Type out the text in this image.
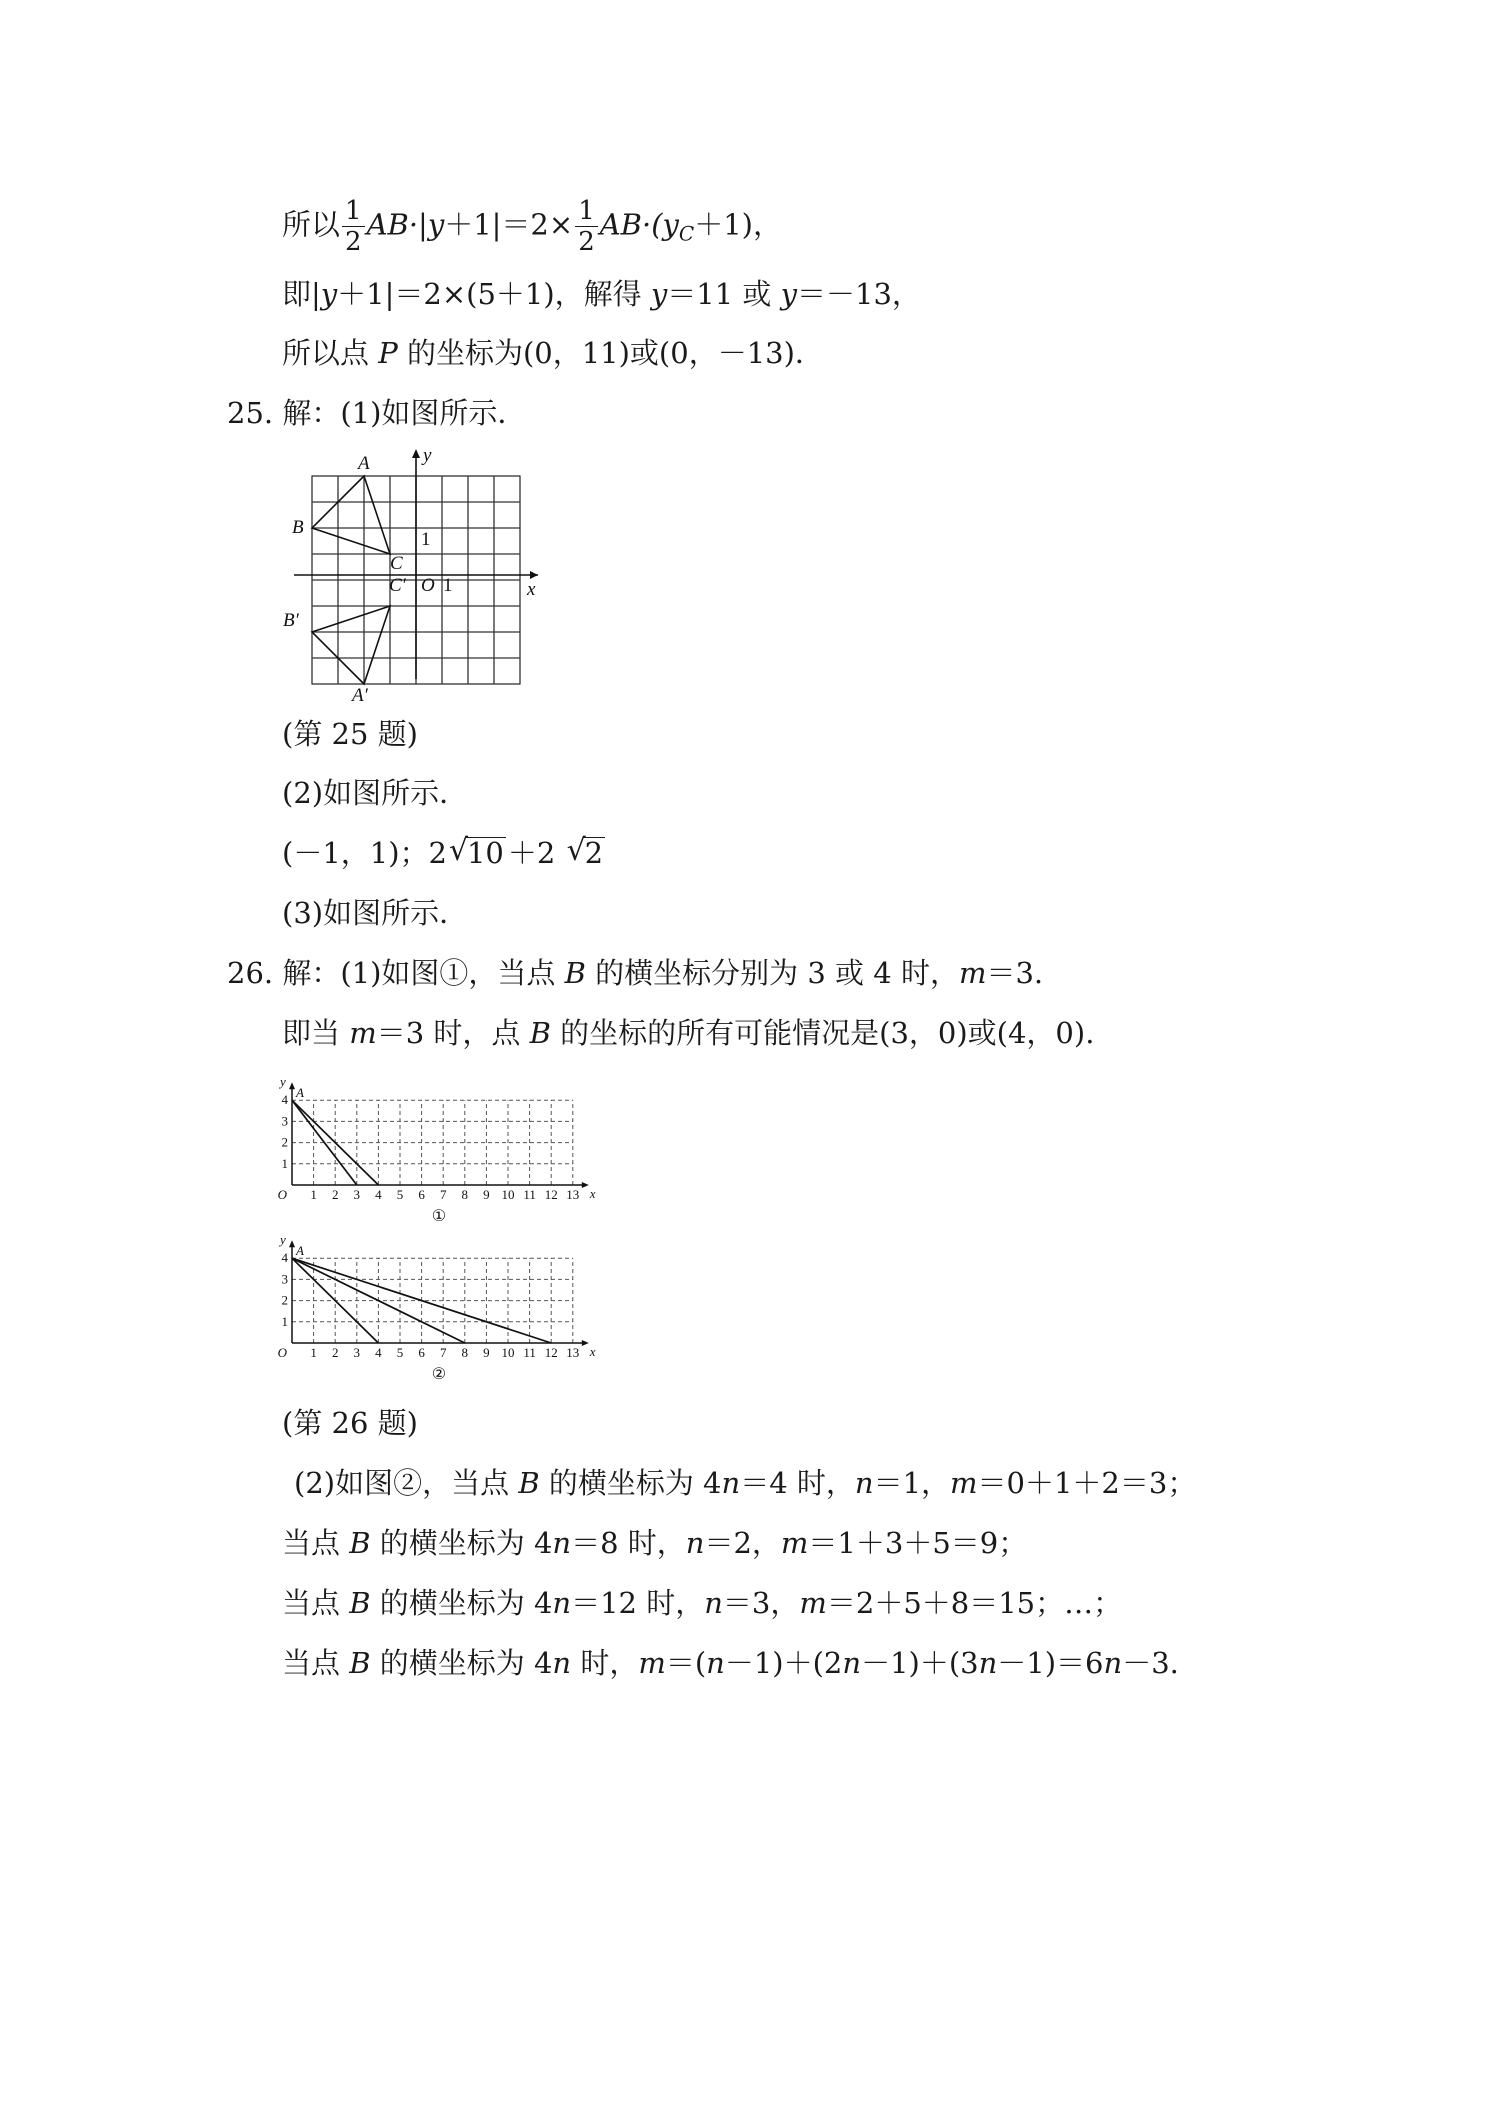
所以 $\frac{1}{2} AB\cdot|y+1|=2\times \frac{1}{2} AB\cdot(y_C+1)$，
即|y＋1|＝2×(5＋1)，解得 y＝11 或 y＝－13，
所以点 P 的坐标为(0，11)或(0，－13)．
25. 解：(1)如图所示．
A	y
B
C
C′ O	x
B′
A′
1
1
(第 25 题)
(2)如图所示．
(－1，1)；2 √
10 ＋2 √
2
(3)如图所示．
26. 解：(1)如图①，当点 B 的横坐标分别为 3 或 4 时，m＝3.
即当 m＝3 时，点 B 的坐标的所有可能情况是(3，0)或(4，0).
1 2 3 4 5 6 7 8 9 10 11 12 13
1
2
3
4
O	x
y
A
①
1 2 3 4 5 6 7 8 9 10 11 12 13
1
2
3
4
O	x
y
A
②
(第 26 题)
(2)如图②，当点 B 的横坐标为 4n＝4 时，n＝1，m＝0＋1＋2＝3；
当点 B 的横坐标为 4n＝8 时，n＝2，m＝1＋3＋5＝9；
当点 B 的横坐标为 4n＝12 时，n＝3，m＝2＋5＋8＝15；…；
当点 B 的横坐标为 4n 时，m＝(n－1)＋(2n－1)＋(3n－1)＝6n－3.
